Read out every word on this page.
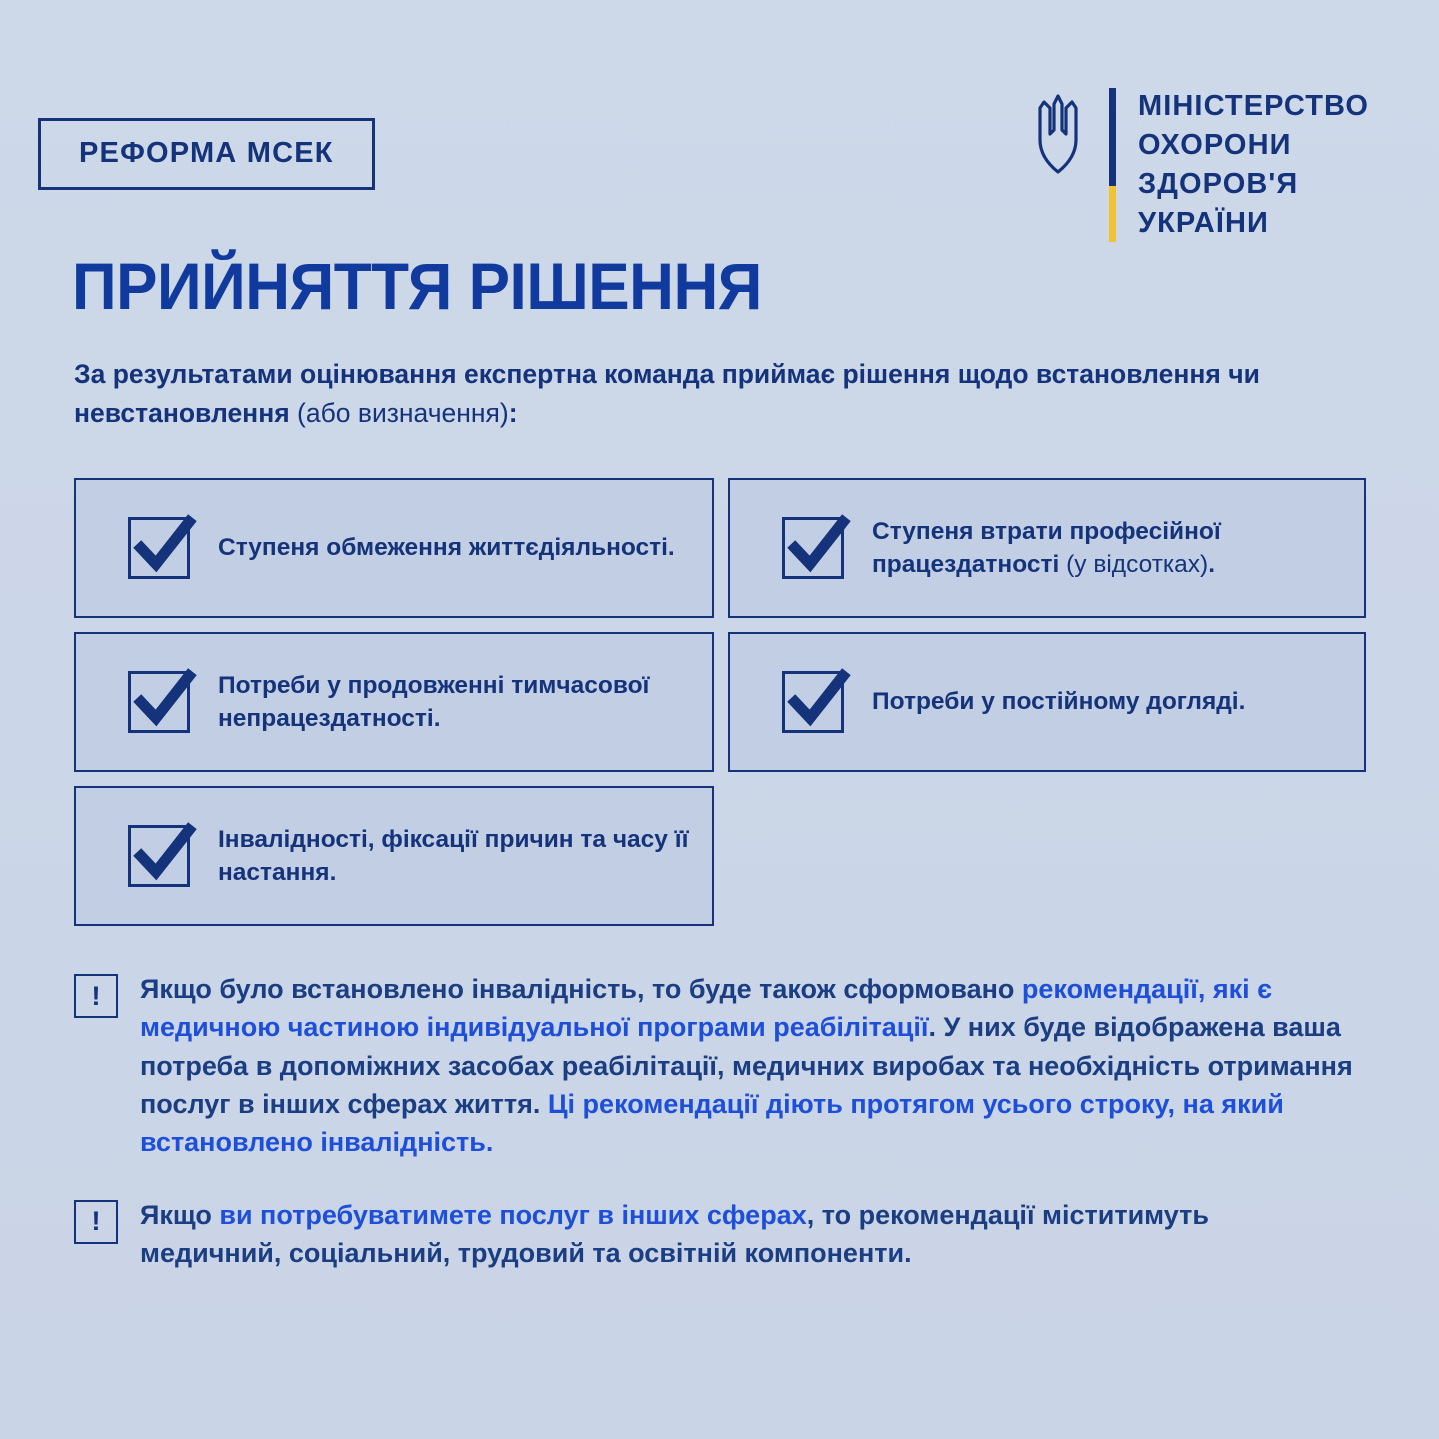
РЕФОРМА МСЕК
МІНІСТЕРСТВО
ОХОРОНИ
ЗДОРОВ'Я
УКРАЇНИ
ПРИЙНЯТТЯ РІШЕННЯ
За результатами оцінювання експертна команда приймає рішення щодо встановлення чи невстановлення (або визначення):
Ступеня обмеження життєдіяльності.
Ступеня втрати професійної працездатності (у відсотках).
Потреби у продовженні тимчасової непрацездатності.
Потреби у постійному догляді.
Інвалідності, фіксації причин та часу її настання.
!	Якщо було встановлено інвалідність, то буде також сформовано рекомендації, які є медичною частиною індивідуальної програми реабілітації. У них буде відображена ваша потреба в допоміжних засобах реабілітації, медичних виробах та необхідність отримання послуг в інших сферах життя. Ці рекомендації діють протягом усього строку, на який встановлено інвалідність.
!	Якщо ви потребуватимете послуг в інших сферах, то рекомендації міститимуть медичний, соціальний, трудовий та освітній компоненти.
